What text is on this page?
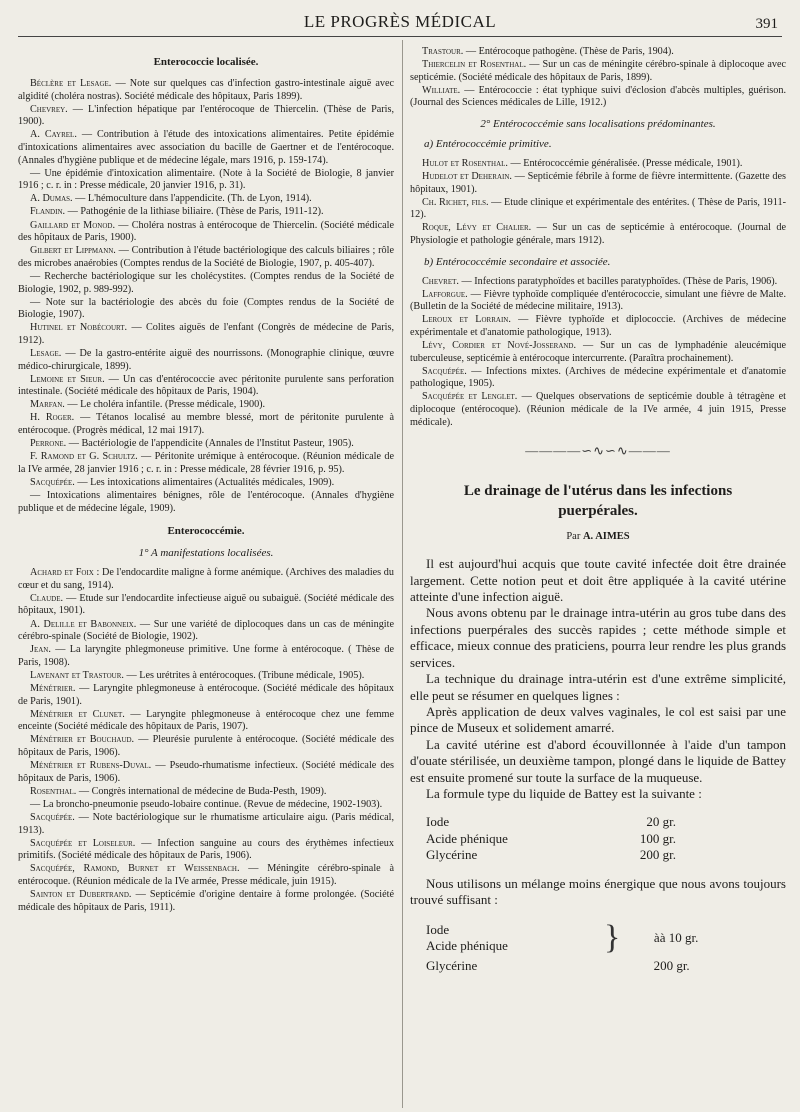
LE PROGRÈS MÉDICAL	391
Enterococcie localisée.

Béclère et Lesage. — Note sur quelques cas d'infection gastro-intestinale aiguë avec algidité (choléra nostras). Société médicale des hôpitaux, Paris 1899).

Chevrey. — L'infection hépatique par l'entérocoque de Thiercelin. (Thèse de Paris, 1900).

A. Cayrel. — Contribution à l'étude des intoxications alimentaires. Petite épidémie d'intoxications alimentaires avec association du bacille de Gaertner et de l'entérocoque. (Annales d'hygiène publique et de médecine légale, mars 1916, p. 159-174).

— Une épidémie d'intoxication alimentaire. (Note à la Société de Biologie, 8 janvier 1916 ; c. r. in : Presse médicale, 20 janvier 1916, p. 31).

A. Dumas. — L'hémoculture dans l'appendicite. (Th. de Lyon, 1914).

Flandin. — Pathogénie de la lithiase biliaire. (Thèse de Paris, 1911-12).

Gaillard et Monod. — Choléra nostras à entérocoque de Thiercelin. (Société médicale des hôpitaux de Paris, 1900).

Gilbert et Lippmann. — Contribution à l'étude bactériologique des calculs biliaires ; rôle des microbes anaérobies (Comptes rendus de la Société de Biologie, 1907, p. 405-407).

— Recherche bactériologique sur les cholécystites. (Comptes rendus de la Société de Biologie, 1902, p. 989-992).

— Note sur la bactériologie des abcès du foie (Comptes rendus de la Société de Biologie, 1907).

Hutinel et Nobécourt. — Colites aiguës de l'enfant (Congrès de médecine de Paris, 1912).

Lesage. — De la gastro-entérite aiguë des nourrissons. (Monographie clinique, œuvre médico-chirurgicale, 1899).

Lemoine et Sieur. — Un cas d'entérococcie avec péritonite purulente sans perforation intestinale. (Société médicale des hôpitaux de Paris, 1904).

Marfan. — Le choléra infantile. (Presse médicale, 1900).

H. Roger. — Tétanos localisé au membre blessé, mort de péritonite purulente à entérocoque. (Progrès médical, 12 mai 1917).

Perrone. — Bactériologie de l'appendicite (Annales de l'Institut Pasteur, 1905).

F. Ramond et G. Schultz. — Péritonite urémique à entérocoque. (Réunion médicale de la IVe armée, 28 janvier 1916 ; c. r. in : Presse médicale, 28 février 1916, p. 95).

Sacquépée. — Les intoxications alimentaires (Actualités médicales, 1909).

— Intoxications alimentaires bénignes, rôle de l'entérocoque. (Annales d'hygiène publique et de médecine légale, 1909).

Enterococcémie.
1° A manifestations localisées.

Achard et Foix : De l'endocardite maligne à forme anémique. (Archives des maladies du cœur et du sang, 1914).

Claude. — Etude sur l'endocardite infectieuse aiguë ou subaiguë. (Société médicale des hôpitaux, 1901).

A. Delille et Babonneix. — Sur une variété de diplocoques dans un cas de méningite cérébro-spinale (Société de Biologie, 1902).

Jean. — La laryngite phlegmoneuse primitive. Une forme à entérocoque. ( Thèse de Paris, 1908).

Lavenant et Trastour. — Les urétrites à entérocoques. (Tribune médicale, 1905).

Ménétrier. — Laryngite phlegmoneuse à entérocoque. (Société médicale des hôpitaux de Paris, 1901).

Ménétrier et Clunet. — Laryngite phlegmoneuse à entérocoque chez une femme enceinte (Société médicale des hôpitaux de Paris, 1907).

Ménétrier et Bouchaud. — Pleurésie purulente à entérocoque. (Société médicale des hôpitaux de Paris, 1906).

Ménétrier et Rubens-Duval. — Pseudo-rhumatisme infectieux. (Société médicale des hôpitaux de Paris, 1906).

Rosenthal. — Congrès international de médecine de Buda-Pesth, 1909).

— La broncho-pneumonie pseudo-lobaire continue. (Revue de médecine, 1902-1903).

Sacquépée. — Note bactériologique sur le rhumatisme articulaire aigu. (Paris médical, 1913).

Sacquépée et Loiseleur. — Infection sanguine au cours des érythèmes infectieux primitifs. (Société médicale des hôpitaux de Paris, 1906).

Sacquépée, Ramond, Burnet et Weissenbach. — Méningite cérébro-spinale à entérocoque. (Réunion médicale de la IVe armée, Presse médicale, juin 1915).

Sainton et Dubertrand. — Septicémie d'origine dentaire à forme prolongée. (Société médicale des hôpitaux de Paris, 1911).

Trastour. — Entérocoque pathogène. (Thèse de Paris, 1904).

Thiercelin et Rosenthal. — Sur un cas de méningite cérébro-spinale à diplocoque avec septicémie. (Société médicale des hôpitaux de Paris, 1899).

Williate. — Entérococcie : état typhique suivi d'éclosion d'abcès multiples, guérison. (Journal des Sciences médicales de Lille, 1912.)

2° Entérococcémie sans localisations prédominantes.
a) Entérococcémie primitive.

Hulot et Rosenthal. — Entérococcémie généralisée. (Presse médicale, 1901).

Hudelot et Deherain. — Septicémie fébrile à forme de fièvre intermittente. (Gazette des hôpitaux, 1901).

Ch. Richet, fils. — Etude clinique et expérimentale des entérites. ( Thèse de Paris, 1911-12).

Roque, Lévy et Chalier. — Sur un cas de septicémie à entérocoque. (Journal de Physiologie et pathologie générale, mars 1912).

b) Entérococcémie secondaire et associée.

Chevret. — Infections paratyphoïdes et bacilles paratyphoïdes. (Thèse de Paris, 1906).

Lafforgue. — Fièvre typhoïde compliquée d'entérococcie, simulant une fièvre de Malte. (Bulletin de la Société de médecine militaire, 1913).

Leroux et Lorrain. — Fièvre typhoïde et diplococcie. (Archives de médecine expérimentale et d'anatomie pathologique, 1913).

Lévy, Cordier et Nové-Josserand. — Sur un cas de lymphadénie aleucémique tuberculeuse, septicémie à entérocoque intercurrente. (Paraîtra prochainement).

Sacquépée. — Infections mixtes. (Archives de médecine expérimentale et d'anatomie pathologique, 1905).

Sacquépée et Lenglet. — Quelques observations de septicémie double à tétragène et diplocoque (entérocoque). (Réunion médicale de la IVe armée, 4 juin 1915, Presse médicale).

————∽∿∽∿———
Le drainage de l'utérus dans les infections
puerpérales.
Par A. AIMES

Il est aujourd'hui acquis que toute cavité infectée doit être drainée largement. Cette notion peut et doit être appliquée à la cavité utérine atteinte d'une infection aiguë.

Nous avons obtenu par le drainage intra-utérin au gros tube dans des infections puerpérales des succès rapides ; cette méthode simple et efficace, mieux connue des praticiens, pourra leur rendre les plus grands services.

La technique du drainage intra-utérin est d'une extrême simplicité, elle peut se résumer en quelques lignes :

Après application de deux valves vaginales, le col est saisi par une pince de Museux et solidement amarré.

La cavité utérine est d'abord écouvillonnée à l'aide d'un tampon d'ouate stérilisée, un deuxième tampon, plongé dans le liquide de Battey est ensuite promené sur toute la surface de la muqueuse.

La formule type du liquide de Battey est la suivante :

Iode	20 gr.
Acide phénique	100 gr.
Glycérine	200 gr.

Nous utilisons un mélange moins énergique que nous avons toujours trouvé suffisant :

Iode
Acide phénique	}	àà 10 gr.
Glycérine	200 gr.
